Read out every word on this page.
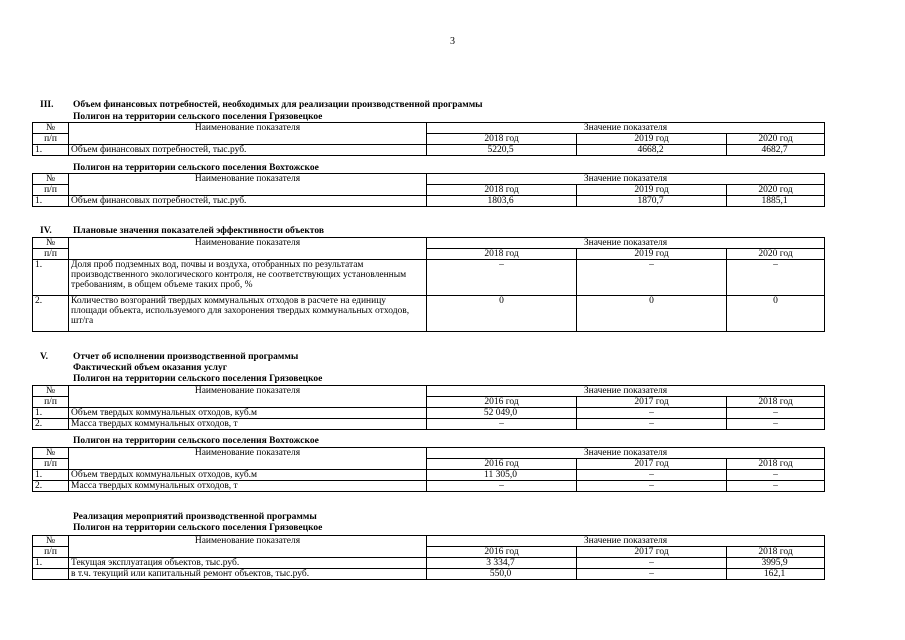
3
III. Объем финансовых потребностей, необходимых для реализации производственной программы
Полигон на территории сельского поселения Грязовецкое
№	Наименование показателя	Значение показателя		
п/п		2018 год	2019 год	2020 год
1.	Объем финансовых потребностей, тыс.руб.	5220,5	4668,2	4682,7
Полигон на территории сельского поселения Вохтожское
№	Наименование показателя	Значение показателя		
п/п		2018 год	2019 год	2020 год
1.	Объем финансовых потребностей, тыс.руб.	1803,6	1870,7	1885,1
IV. Плановые значения показателей эффективности объектов
№	Наименование показателя	Значение показателя		
п/п		2018 год	2019 год	2020 год
1.	Доля проб подземных вод, почвы и воздуха, отобранных по результатам производственного экологического контроля, не соответствующих установленным требованиям, в общем объеме таких проб, %	–	–	–
2.	Количество возгораний твердых коммунальных отходов в расчете на единицу площади объекта, используемого для захоронения твердых коммунальных отходов, шт/га	0	0	0
V.	Отчет об исполнении производственной программы
Фактический объем оказания услуг
Полигон на территории сельского поселения Грязовецкое
№	Наименование показателя	Значение показателя		
п/п		2016 год	2017 год	2018 год
1.	Объем твердых коммунальных отходов, куб.м	52 049,0	–	–
2.	Масса твердых коммунальных отходов, т	–	–	–
Полигон на территории сельского поселения Вохтожское
№	Наименование показателя	Значение показателя		
п/п		2016 год	2017 год	2018 год
1.	Объем твердых коммунальных отходов, куб.м	11 305,0	–	–
2.	Масса твердых коммунальных отходов, т	–	–	–
Реализация мероприятий производственной программы
Полигон на территории сельского поселения Грязовецкое
№	Наименование показателя	Значение показателя		
п/п		2016 год	2017 год	2018 год
1.	Текущая эксплуатация объектов, тыс.руб.	3 334,7	–	3995,9
	в т.ч. текущий или капитальный ремонт объектов, тыс.руб.	550,0	–	162,1
